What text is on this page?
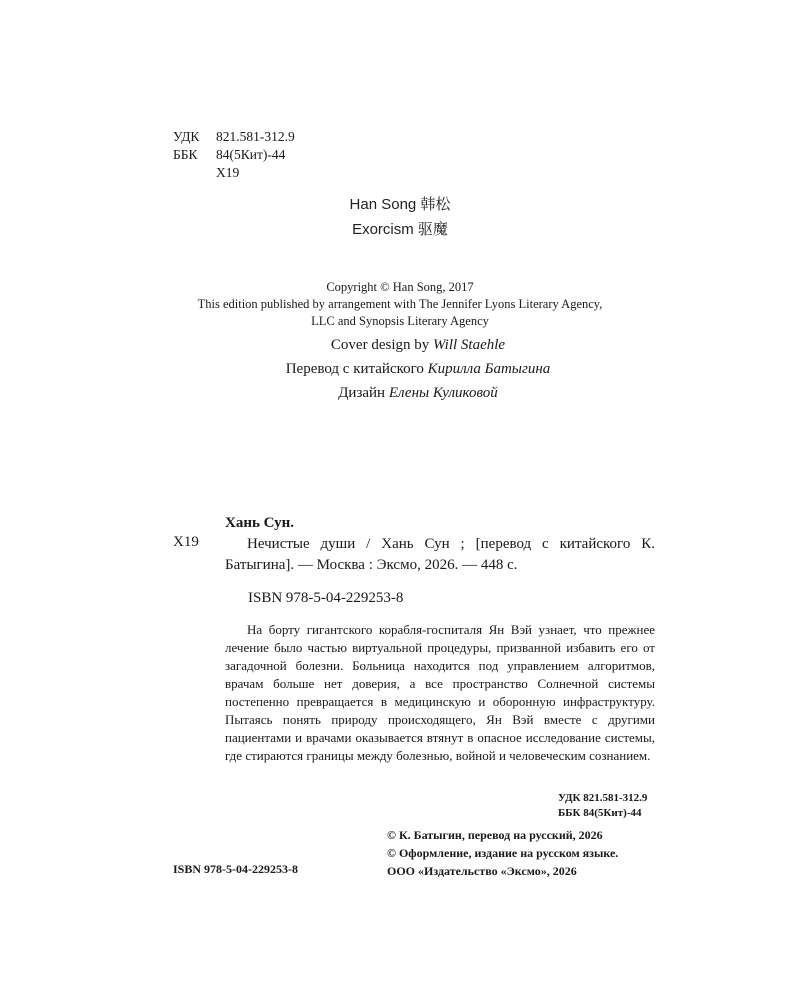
УДК	821.581-312.9
ББК	84(5Кит)-44
Х19
Han Song 韩松
Exorcism 驱魔
Copyright © Han Song, 2017
This edition published by arrangement with The Jennifer Lyons Literary Agency,
LLC and Synopsis Literary Agency
Cover design by Will Staehle
Перевод с китайского Кирилла Батыгина
Дизайн Елены Куликовой
Хань Сун.
Х19	Нечистые души / Хань Сун ; [перевод с китайского К. Батыгина]. — Москва : Эксмо, 2026. — 448 с.
ISBN 978-5-04-229253-8
На борту гигантского корабля-госпиталя Ян Вэй узнает, что прежнее лечение было частью виртуальной процедуры, призванной избавить его от загадочной болезни. Больница находится под управлением алгоритмов, врачам больше нет доверия, а все пространство Солнечной системы постепенно превращается в медицинскую и оборонную инфраструктуру. Пытаясь понять природу происходящего, Ян Вэй вместе с другими пациентами и врачами оказывается втянут в опасное исследование системы, где стираются границы между болезнью, войной и человеческим сознанием.
УДК 821.581-312.9
ББК 84(5Кит)-44
© К. Батыгин, перевод на русский, 2026
© Оформление, издание на русском языке.
ООО «Издательство «Эксмо», 2026
ISBN 978-5-04-229253-8
